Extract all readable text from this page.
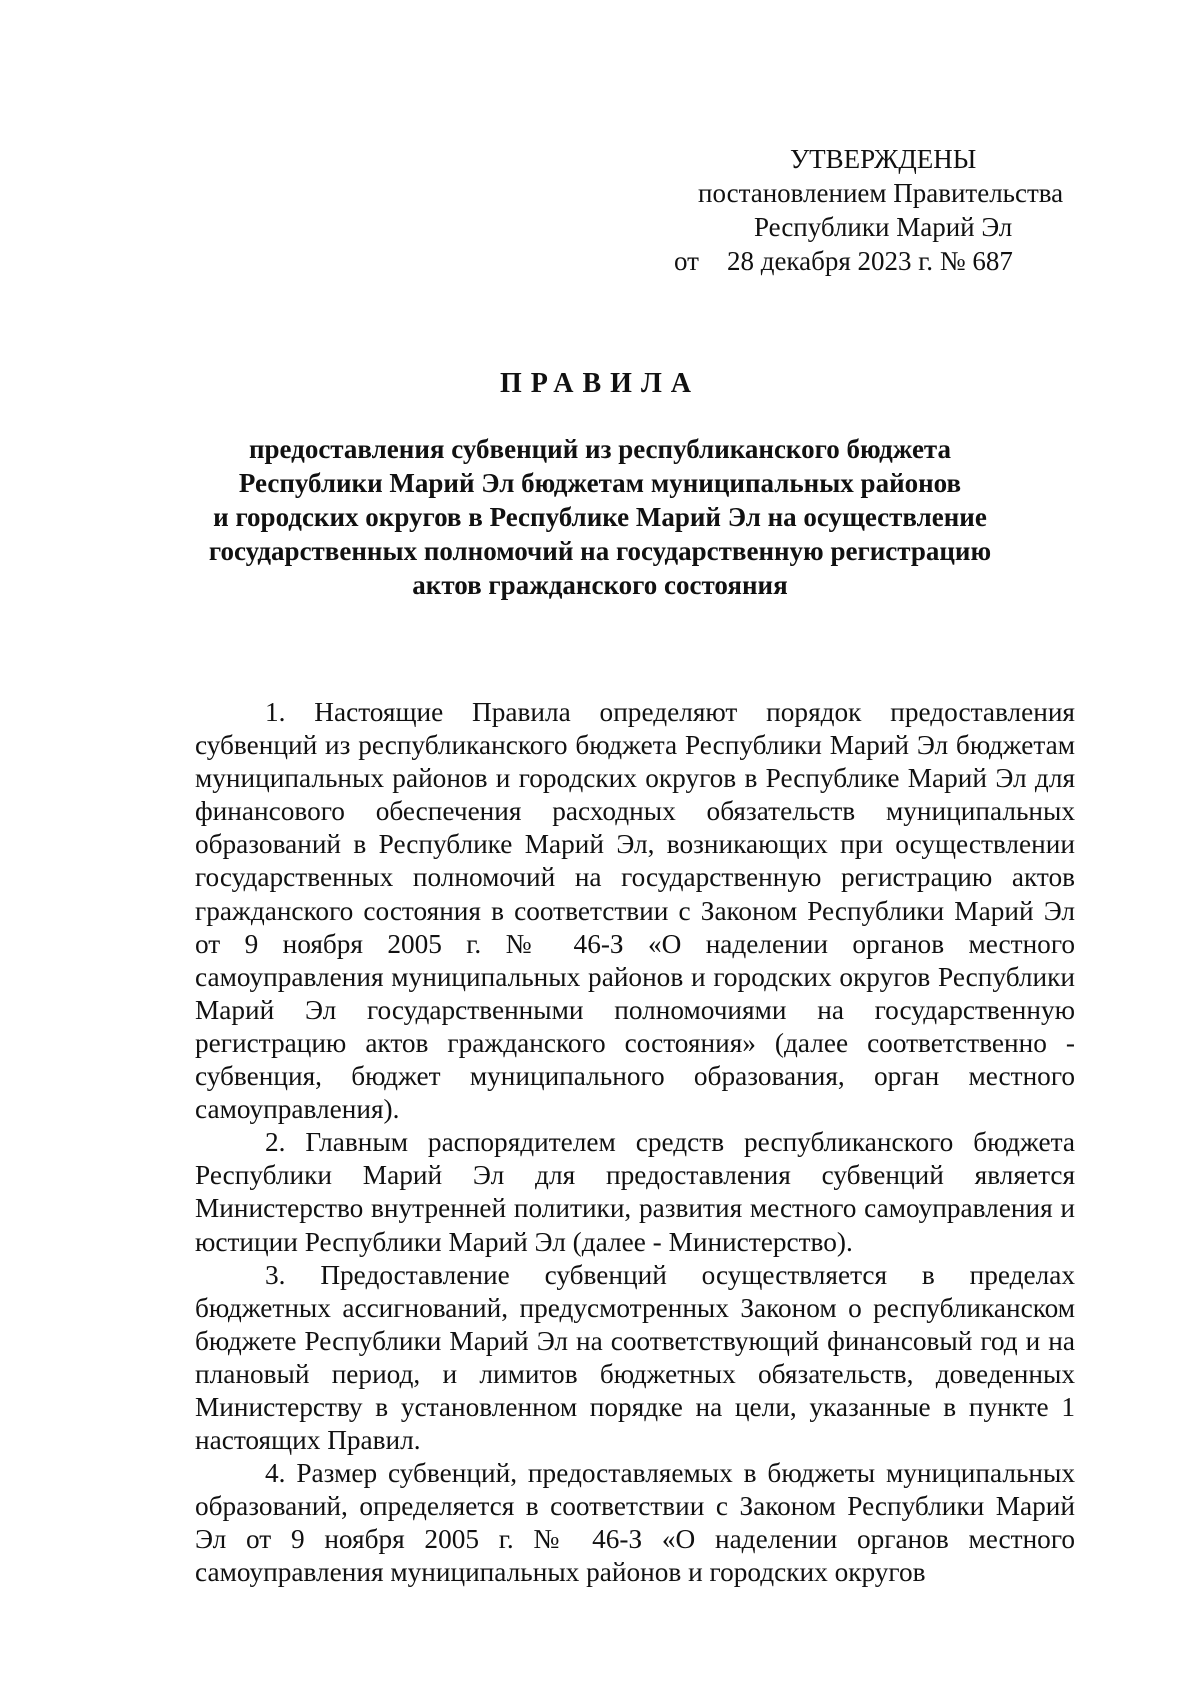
УТВЕРЖДЕНЫ
постановлением Правительства
Республики Марий Эл
от 28 декабря 2023 г. № 687
ПРАВИЛА
предоставления субвенций из республиканского бюджета
Республики Марий Эл бюджетам муниципальных районов
и городских округов в Республике Марий Эл на осуществление
государственных полномочий на государственную регистрацию
актов гражданского состояния

1. Настоящие Правила определяют порядок предоставления субвенций из республиканского бюджета Республики Марий Эл бюджетам муниципальных районов и городских округов в Республике Марий Эл для финансового обеспечения расходных обязательств муниципальных образований в Республике Марий Эл, возникающих при осуществлении государственных полномочий на государственную регистрацию актов гражданского состояния в соответствии с Законом Республики Марий Эл от 9 ноября 2005 г. № 46-З «О наделении органов местного самоуправления муниципальных районов и городских округов Республики Марий Эл государственными полномочиями на государственную регистрацию актов гражданского состояния» (далее соответственно - субвенция, бюджет муниципального образования, орган местного самоуправления).

2. Главным распорядителем средств республиканского бюджета Республики Марий Эл для предоставления субвенций является Министерство внутренней политики, развития местного самоуправления и юстиции Республики Марий Эл (далее - Министерство).

3. Предоставление субвенций осуществляется в пределах бюджетных ассигнований, предусмотренных Законом о республиканском бюджете Республики Марий Эл на соответствующий финансовый год и на плановый период, и лимитов бюджетных обязательств, доведенных Министерству в установленном порядке на цели, указанные в пункте 1 настоящих Правил.

4. Размер субвенций, предоставляемых в бюджеты муниципальных образований, определяется в соответствии с Законом Республики Марий Эл от 9 ноября 2005 г. № 46-З «О наделении органов местного самоуправления муниципальных районов и городских округов
